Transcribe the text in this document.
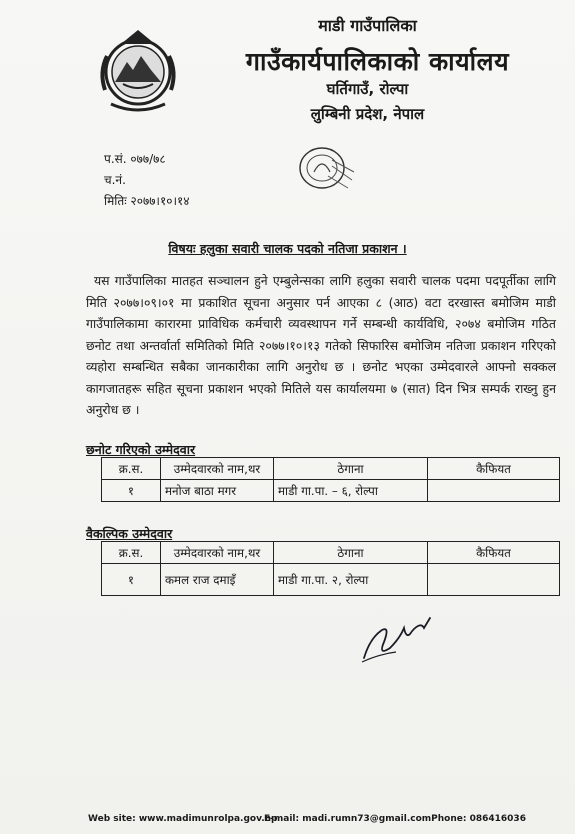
माडी गाउँपालिका
गाउँकार्यपालिकाको कार्यालय
घर्तिगाउँ, रोल्पा
लुम्बिनी प्रदेश, नेपाल
प.सं. ०७७/७८
च.नं.
मितिः २०७७।१०।१४
विषयः हलुका सवारी चालक पदको नतिजा प्रकाशन ।
यस गाउँपालिका मातहत सञ्चालन हुने एम्बुलेन्सका लागि हलुका सवारी चालक पदमा पदपूर्तीका लागि मिति २०७७।०९।०१ मा प्रकाशित सूचना अनुसार पर्न आएका ८ (आठ) वटा दरखास्त बमोजिम माडी गाउँपालिकामा कारारमा प्राविधिक कर्मचारी व्यवस्थापन गर्ने सम्बन्धी कार्यविधि, २०७४ बमोजिम गठित छनोट तथा अन्तर्वार्ता समितिको मिति २०७७।१०।१३ गतेको सिफारिस बमोजिम नतिजा प्रकाशन गरिएको व्यहोरा सम्बन्धित सबैका जानकारीका लागि अनुरोध छ । छनोट भएका उम्मेदवारले आफ्नो सक्कल कागजातहरू सहित सूचना प्रकाशन भएको मितिले यस कार्यालयमा ७ (सात) दिन भित्र सम्पर्क राख्नु हुन अनुरोध छ ।
छनोट गरिएको उम्मेदवार
क्र.स.	उम्मेदवारको नाम,थर	ठेगाना	कैफियत
१	मनोज बाठा मगर	माडी गा.पा. – ६, रोल्पा	
वैकल्पिक उम्मेदवार
क्र.स.	उम्मेदवारको नाम,थर	ठेगाना	कैफियत
१	कमल राज दमाइँ	माडी गा.पा. २, रोल्पा	
Web site: www.madimunrolpa.gov.np
E-mail: madi.rumn73@gmail.comPhone: 086416036
